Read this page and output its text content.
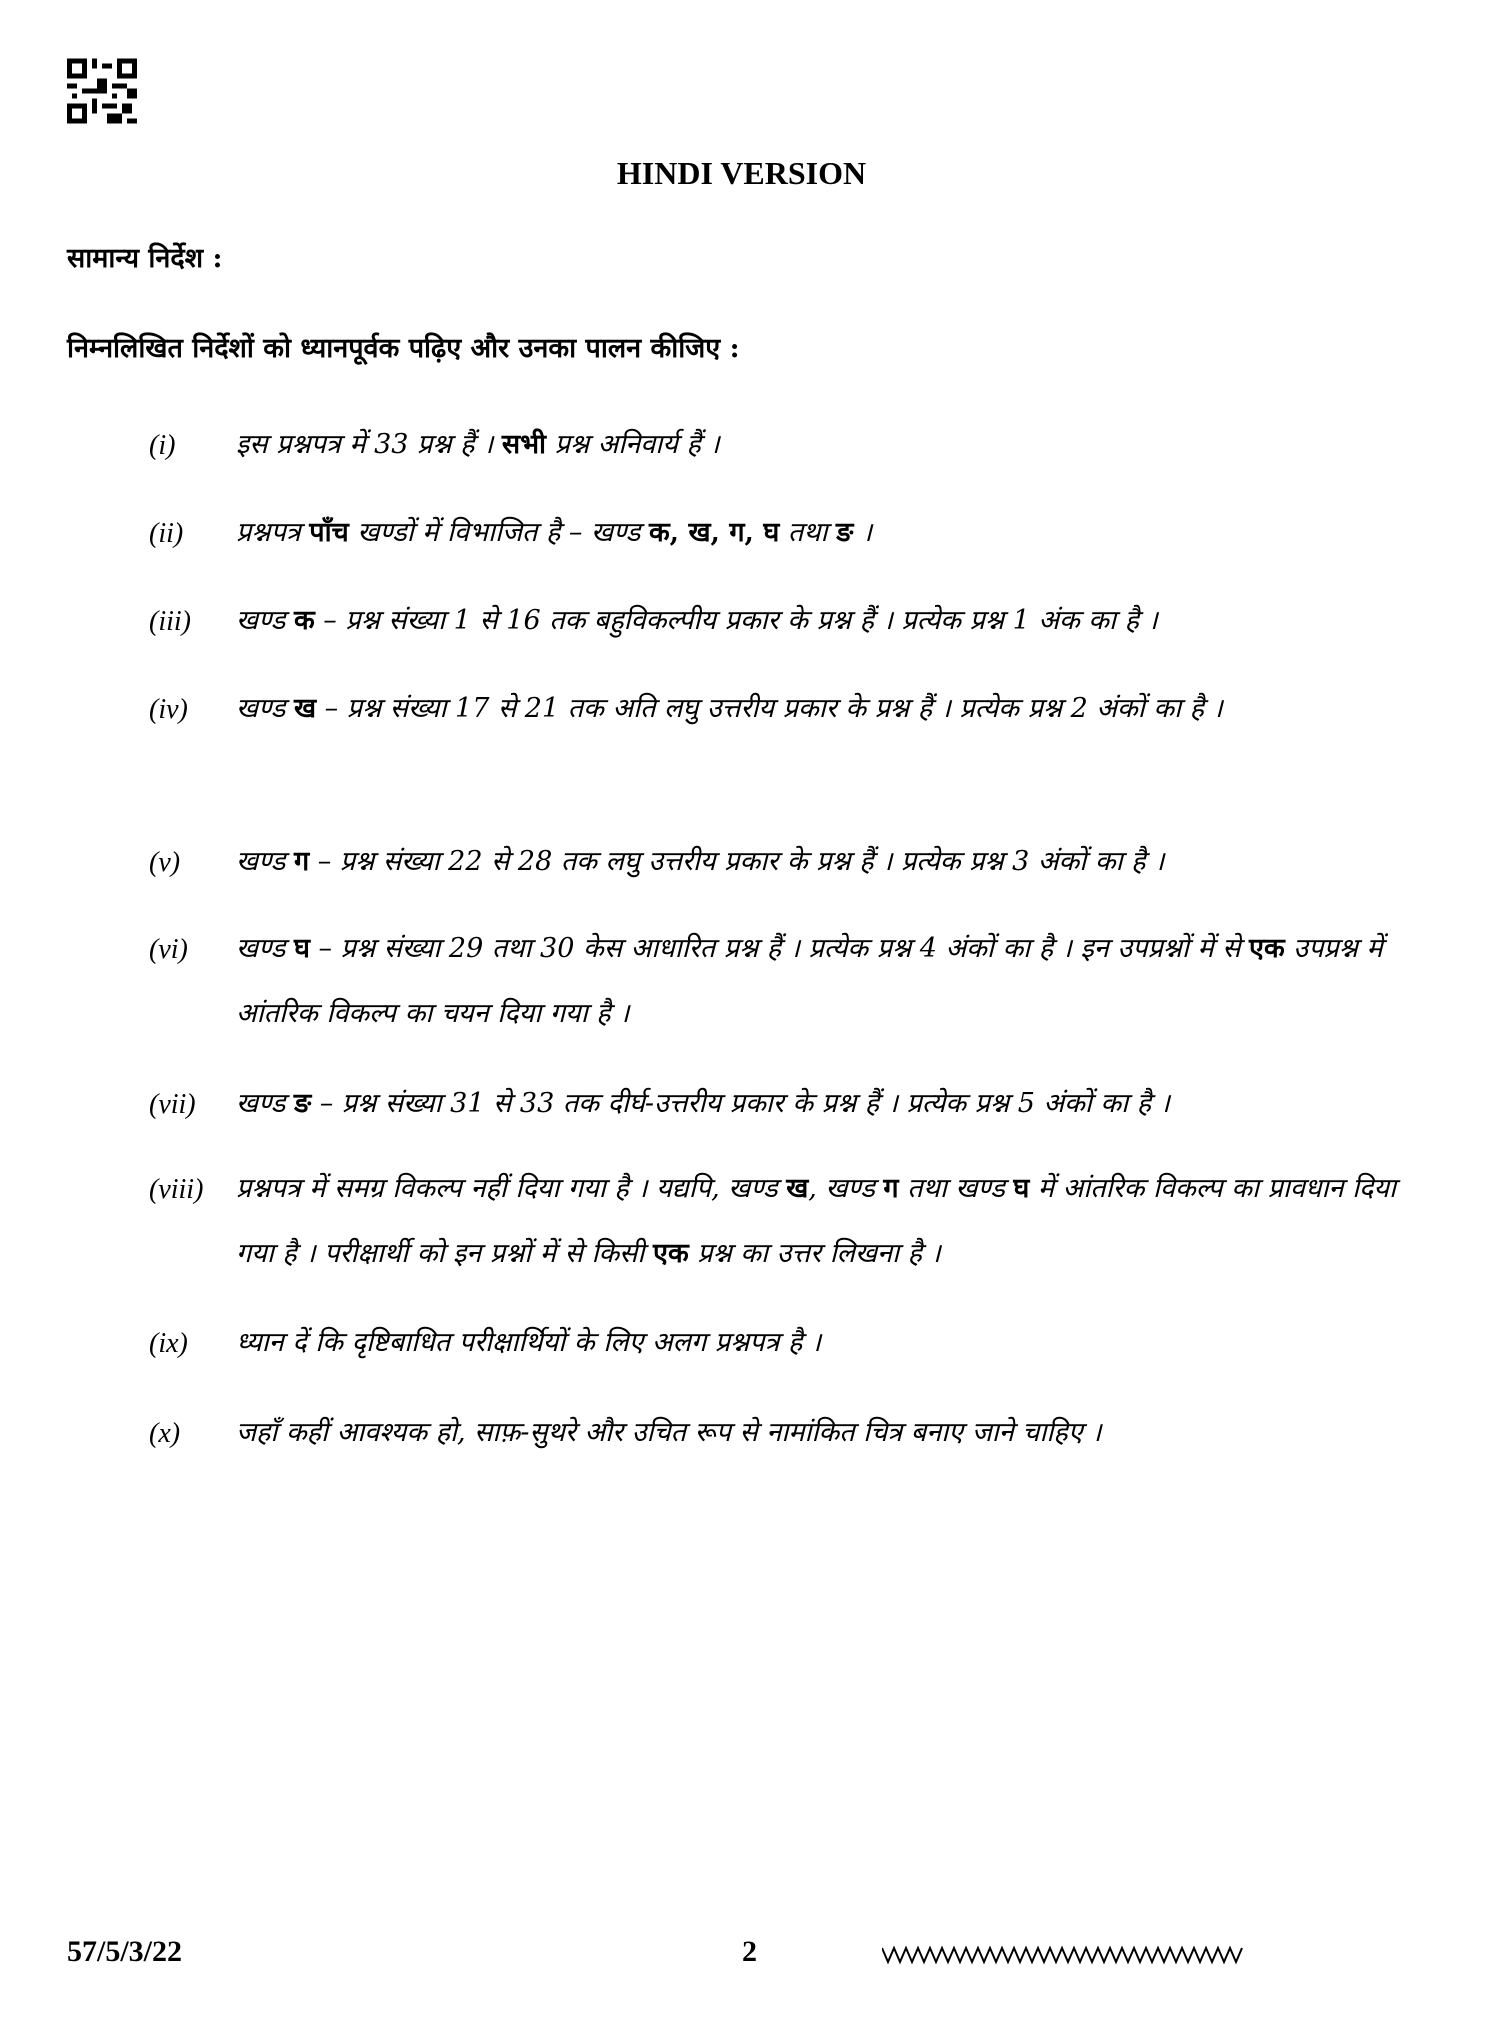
HINDI VERSION
सामान्य निर्देश :
निम्नलिखित निर्देशों को ध्यानपूर्वक पढ़िए और उनका पालन कीजिए :
(i) इस प्रश्नपत्र में 33 प्रश्न हैं । सभी प्रश्न अनिवार्य हैं ।
(ii) प्रश्नपत्र पाँच खण्डों में विभाजित है – खण्ड क, ख, ग, घ तथा ङ ।
(iii) खण्ड क – प्रश्न संख्या 1 से 16 तक बहुविकल्पीय प्रकार के प्रश्न हैं । प्रत्येक प्रश्न 1 अंक का है ।
(iv) खण्ड ख – प्रश्न संख्या 17 से 21 तक अति लघु उत्तरीय प्रकार के प्रश्न हैं । प्रत्येक प्रश्न 2 अंकों का है ।
(v) खण्ड ग – प्रश्न संख्या 22 से 28 तक लघु उत्तरीय प्रकार के प्रश्न हैं । प्रत्येक प्रश्न 3 अंकों का है ।
(vi) खण्ड घ – प्रश्न संख्या 29 तथा 30 केस आधारित प्रश्न हैं । प्रत्येक प्रश्न 4 अंकों का है । इन उपप्रश्नों में से एक उपप्रश्न में आंतरिक विकल्प का चयन दिया गया है ।
(vii) खण्ड ङ – प्रश्न संख्या 31 से 33 तक दीर्घ-उत्तरीय प्रकार के प्रश्न हैं । प्रत्येक प्रश्न 5 अंकों का है ।
(viii) प्रश्नपत्र में समग्र विकल्प नहीं दिया गया है । यद्यपि, खण्ड ख, खण्ड ग तथा खण्ड घ में आंतरिक विकल्प का प्रावधान दिया गया है । परीक्षार्थी को इन प्रश्नों में से किसी एक प्रश्न का उत्तर लिखना है ।
(ix) ध्यान दें कि दृष्टिबाधित परीक्षार्थियों के लिए अलग प्रश्नपत्र है ।
(x) जहाँ कहीं आवश्यक हो, साफ़-सुथरे और उचित रूप से नामांकित चित्र बनाए जाने चाहिए ।
57/5/3/22	2
